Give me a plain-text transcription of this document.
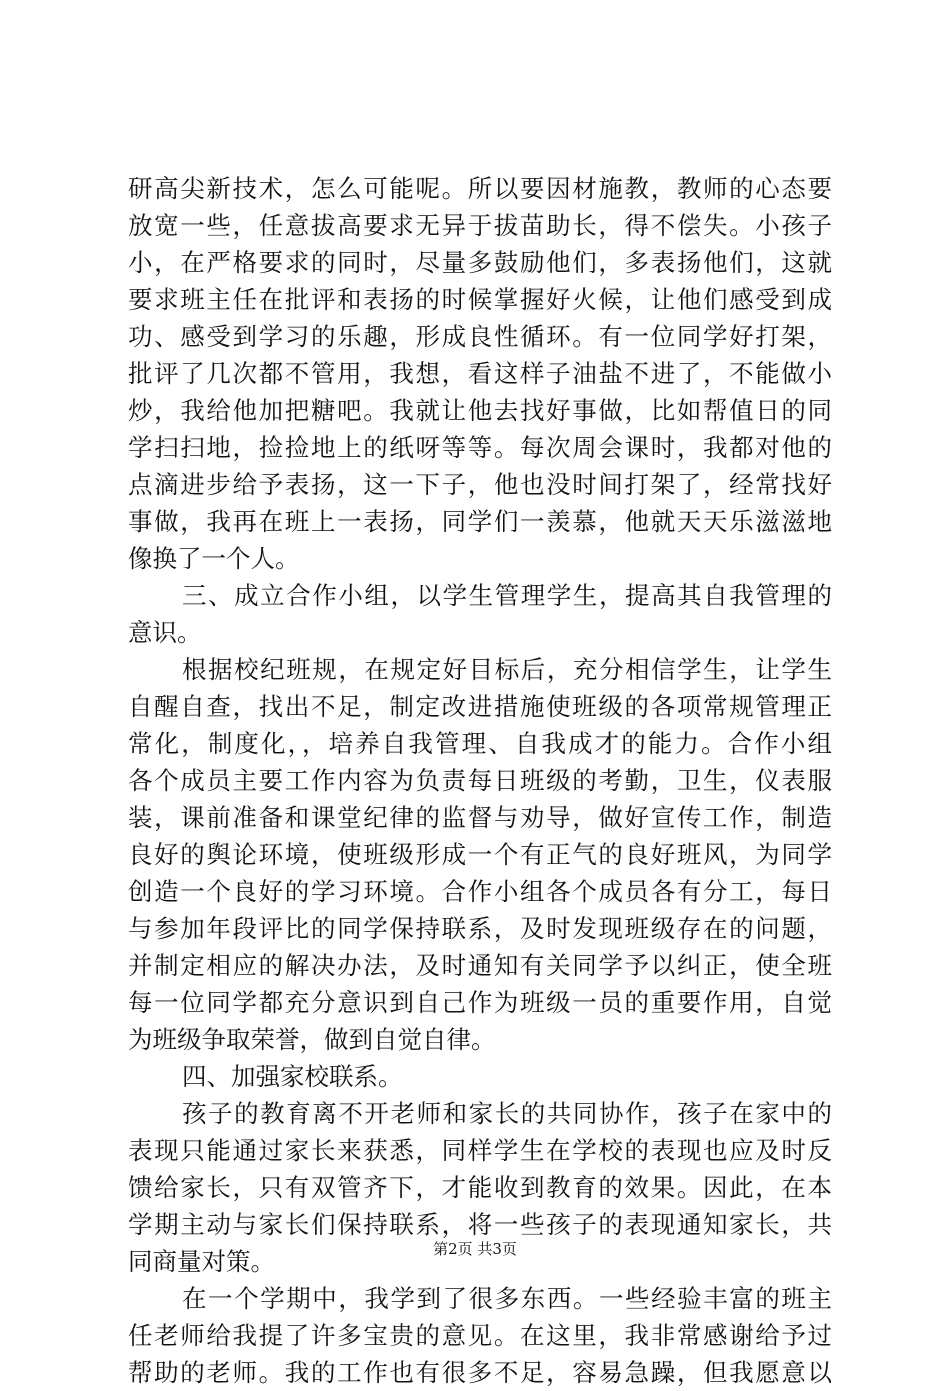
研高尖新技术，怎么可能呢。所以要因材施教，教师的心态要
放宽一些，任意拔高要求无异于拔苗助长，得不偿失。小孩子
小，在严格要求的同时，尽量多鼓励他们，多表扬他们，这就
要求班主任在批评和表扬的时候掌握好火候，让他们感受到成
功、感受到学习的乐趣，形成良性循环。有一位同学好打架，
批评了几次都不管用，我想，看这样子油盐不进了，不能做小
炒，我给他加把糖吧。我就让他去找好事做，比如帮值日的同
学扫扫地，捡捡地上的纸呀等等。每次周会课时，我都对他的
点滴进步给予表扬，这一下子，他也没时间打架了，经常找好
事做，我再在班上一表扬，同学们一羡慕，他就天天乐滋滋地
像换了一个人。
三、成立合作小组，以学生管理学生，提高其自我管理的
意识。
根据校纪班规，在规定好目标后，充分相信学生，让学生
自醒自查，找出不足，制定改进措施使班级的各项常规管理正
常化，制度化，，培养自我管理、自我成才的能力。合作小组
各个成员主要工作内容为负责每日班级的考勤，卫生，仪表服
装，课前准备和课堂纪律的监督与劝导，做好宣传工作，制造
良好的舆论环境，使班级形成一个有正气的良好班风，为同学
创造一个良好的学习环境。合作小组各个成员各有分工，每日
与参加年段评比的同学保持联系，及时发现班级存在的问题，
并制定相应的解决办法，及时通知有关同学予以纠正，使全班
每一位同学都充分意识到自己作为班级一员的重要作用，自觉
为班级争取荣誉，做到自觉自律。
四、加强家校联系。
孩子的教育离不开老师和家长的共同协作，孩子在家中的
表现只能通过家长来获悉，同样学生在学校的表现也应及时反
馈给家长，只有双管齐下，才能收到教育的效果。因此，在本
学期主动与家长们保持联系，将一些孩子的表现通知家长，共
同商量对策。
在一个学期中，我学到了很多东西。一些经验丰富的班主
任老师给我提了许多宝贵的意见。在这里，我非常感谢给予过
帮助的老师。我的工作也有很多不足，容易急躁，但我愿意以
第2页 共3页
